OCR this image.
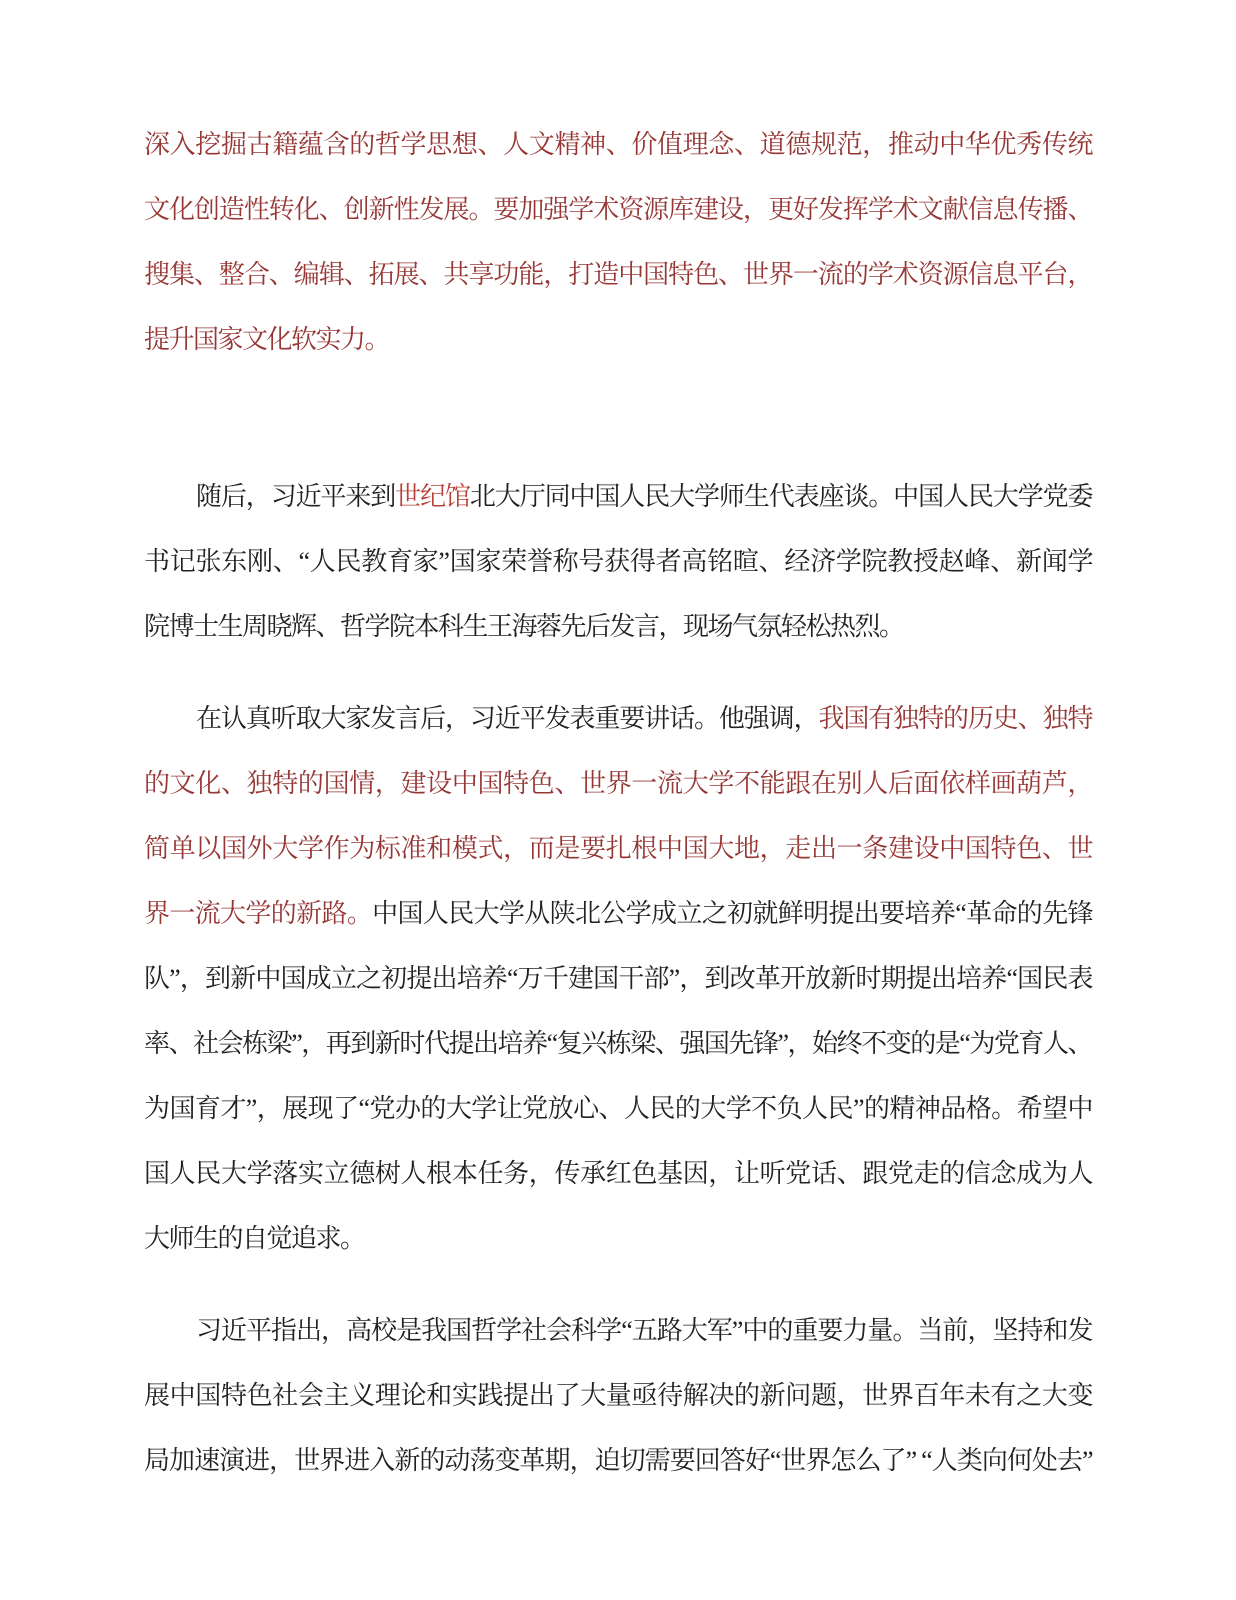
深入挖掘古籍蕴含的哲学思想、人文精神、价值理念、道德规范，推动中华优秀传统
文化创造性转化、创新性发展。要加强学术资源库建设，更好发挥学术文献信息传播、
搜集、整合、编辑、拓展、共享功能，打造中国特色、世界一流的学术资源信息平台，
提升国家文化软实力。
随后，习近平来到世纪馆北大厅同中国人民大学师生代表座谈。中国人民大学党委
书记张东刚、“人民教育家”国家荣誉称号获得者高铭暄、经济学院教授赵峰、新闻学
院博士生周晓辉、哲学院本科生王海蓉先后发言，现场气氛轻松热烈。
在认真听取大家发言后，习近平发表重要讲话。他强调，我国有独特的历史、独特
的文化、独特的国情，建设中国特色、世界一流大学不能跟在别人后面依样画葫芦，
简单以国外大学作为标准和模式，而是要扎根中国大地，走出一条建设中国特色、世
界一流大学的新路。中国人民大学从陕北公学成立之初就鲜明提出要培养“革命的先锋
队”，到新中国成立之初提出培养“万千建国干部”，到改革开放新时期提出培养“国民表
率、社会栋梁”，再到新时代提出培养“复兴栋梁、强国先锋”，始终不变的是“为党育人、
为国育才”，展现了“党办的大学让党放心、人民的大学不负人民”的精神品格。希望中
国人民大学落实立德树人根本任务，传承红色基因，让听党话、跟党走的信念成为人
大师生的自觉追求。
习近平指出，高校是我国哲学社会科学“五路大军”中的重要力量。当前，坚持和发
展中国特色社会主义理论和实践提出了大量亟待解决的新问题，世界百年未有之大变
局加速演进，世界进入新的动荡变革期，迫切需要回答好“世界怎么了” “人类向何处去”
